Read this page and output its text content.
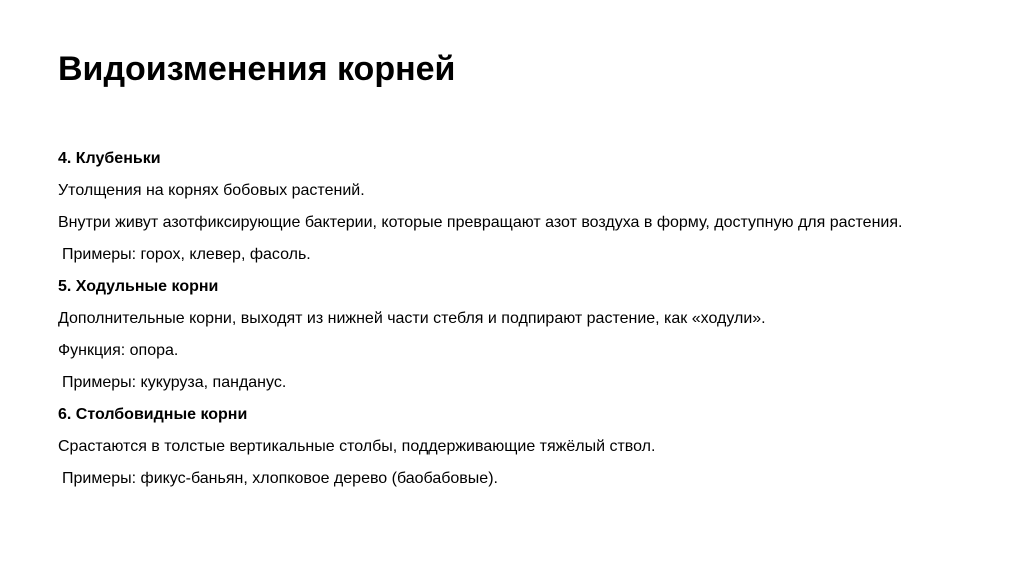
Видоизменения корней

4. Клубеньки

Утолщения на корнях бобовых растений.

Внутри живут азотфиксирующие бактерии, которые превращают азот воздуха в форму, доступную для растения.

Примеры: горох, клевер, фасоль.

5. Ходульные корни

Дополнительные корни, выходят из нижней части стебля и подпирают растение, как «ходули».

Функция: опора.

Примеры: кукуруза, панданус.

6. Столбовидные корни

Срастаются в толстые вертикальные столбы, поддерживающие тяжёлый ствол.

Примеры: фикус-баньян, хлопковое дерево (баобабовые).
